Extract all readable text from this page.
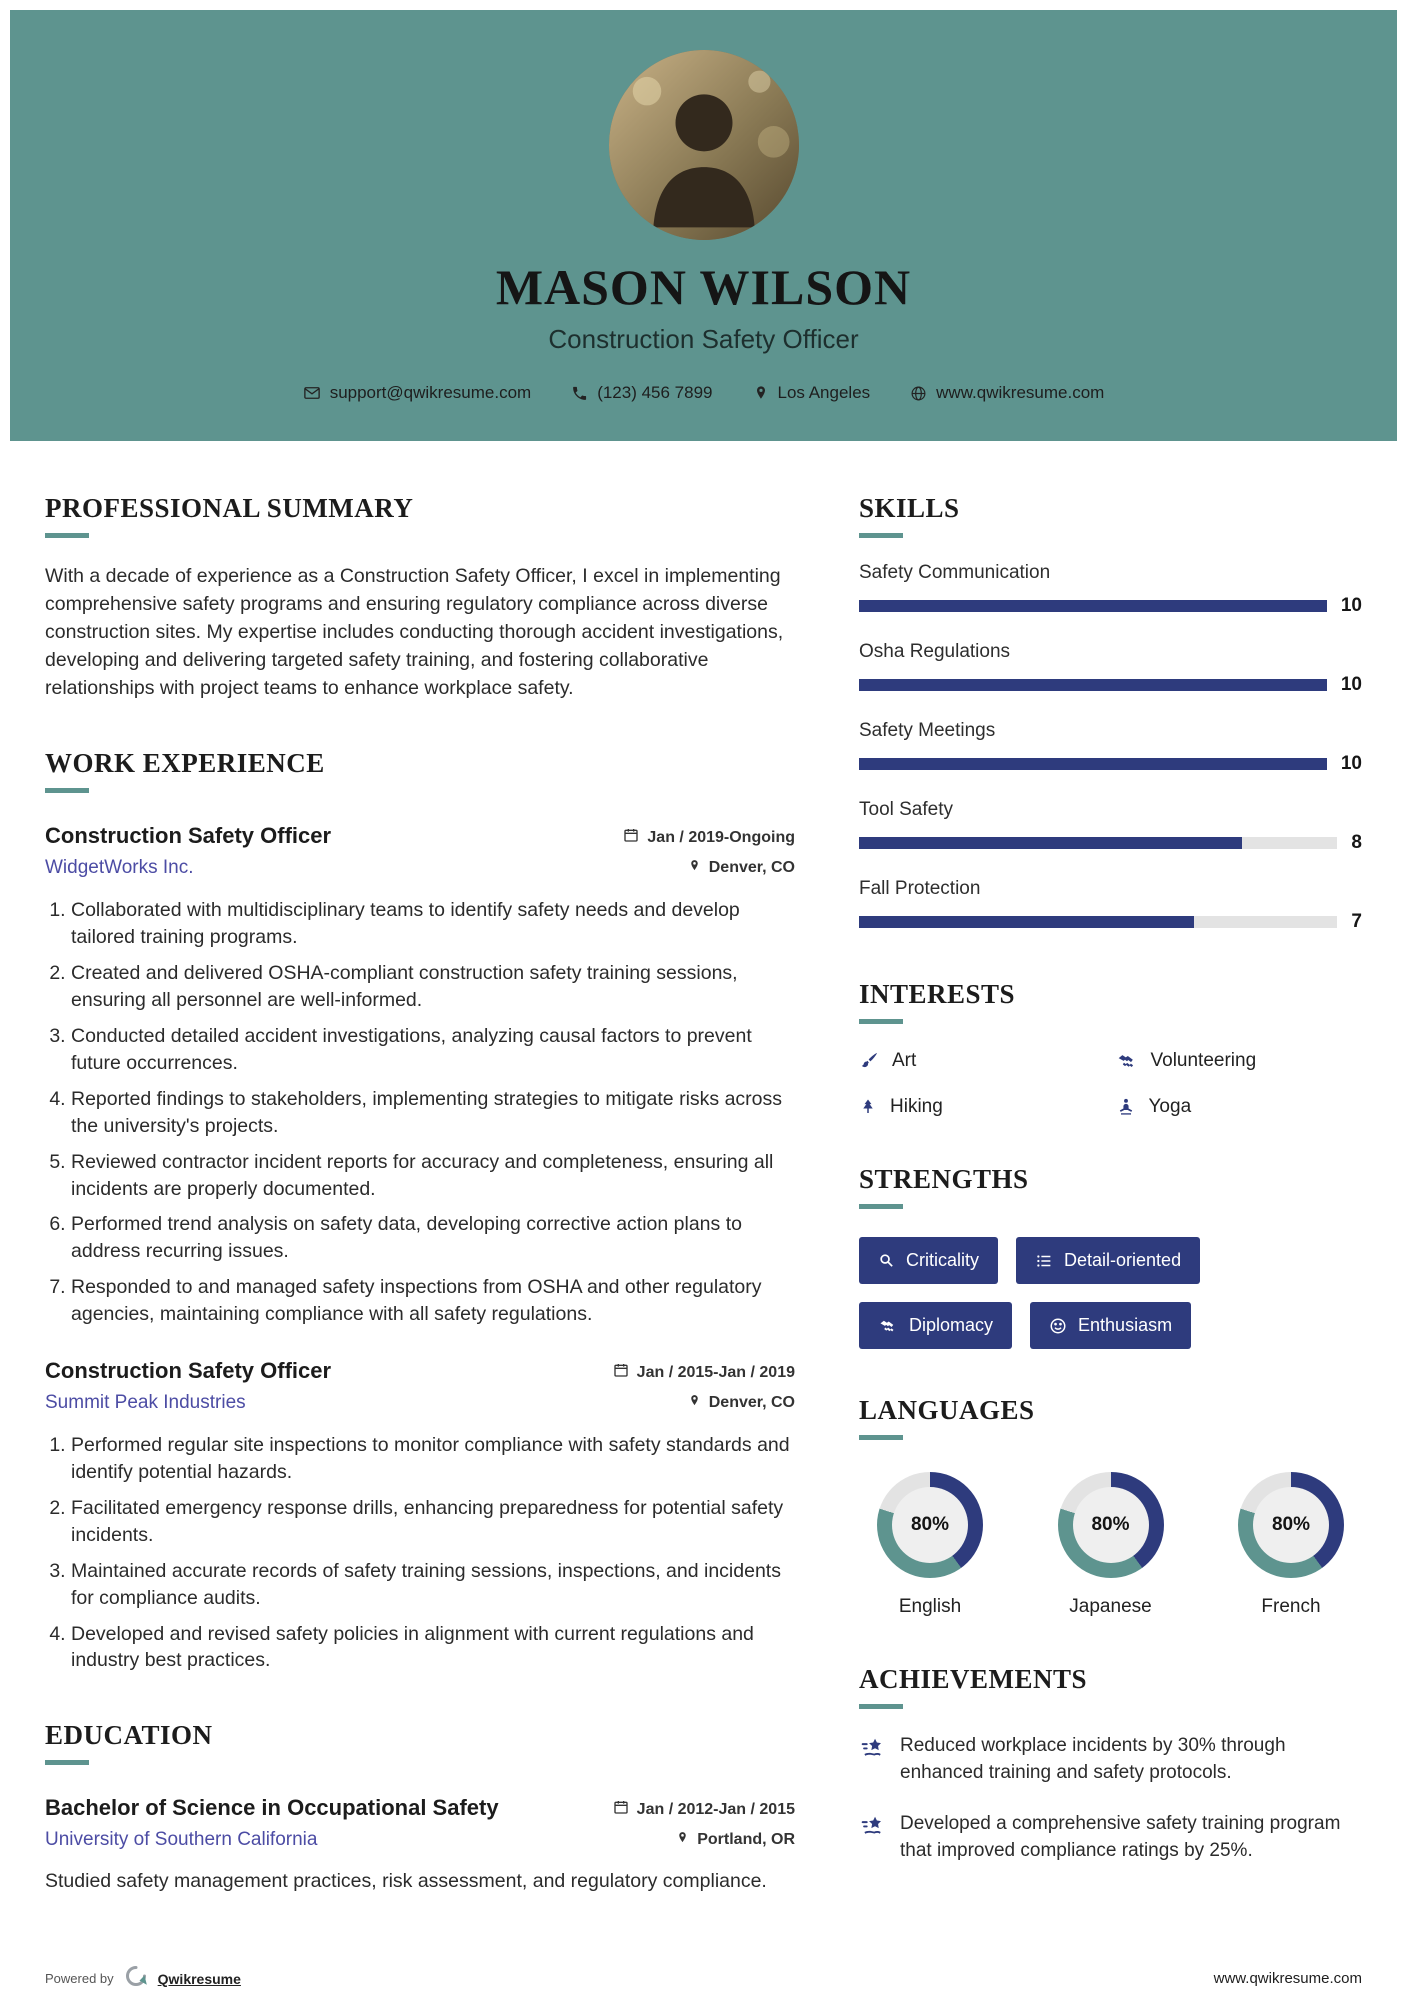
MASON WILSON
Construction Safety Officer
support@qwikresume.com	(123) 456 7899	Los Angeles	www.qwikresume.com
PROFESSIONAL SUMMARY

With a decade of experience as a Construction Safety Officer, I excel in implementing comprehensive safety programs and ensuring regulatory compliance across diverse construction sites. My expertise includes conducting thorough accident investigations, developing and delivering targeted safety training, and fostering collaborative relationships with project teams to enhance workplace safety.

WORK EXPERIENCE
Construction Safety Officer	Jan / 2019-Ongoing
WidgetWorks Inc.	Denver, CO
1. Collaborated with multidisciplinary teams to identify safety needs and develop tailored training programs.
2. Created and delivered OSHA-compliant construction safety training sessions, ensuring all personnel are well-informed.
3. Conducted detailed accident investigations, analyzing causal factors to prevent future occurrences.
4. Reported findings to stakeholders, implementing strategies to mitigate risks across the university's projects.
5. Reviewed contractor incident reports for accuracy and completeness, ensuring all incidents are properly documented.
6. Performed trend analysis on safety data, developing corrective action plans to address recurring issues.
7. Responded to and managed safety inspections from OSHA and other regulatory agencies, maintaining compliance with all safety regulations.
Construction Safety Officer	Jan / 2015-Jan / 2019
Summit Peak Industries	Denver, CO
1. Performed regular site inspections to monitor compliance with safety standards and identify potential hazards.
2. Facilitated emergency response drills, enhancing preparedness for potential safety incidents.
3. Maintained accurate records of safety training sessions, inspections, and incidents for compliance audits.
4. Developed and revised safety policies in alignment with current regulations and industry best practices.
EDUCATION
Bachelor of Science in Occupational Safety	Jan / 2012-Jan / 2015
University of Southern California	Portland, OR

Studied safety management practices, risk assessment, and regulatory compliance.

SKILLS
Safety Communication
10
Osha Regulations
10
Safety Meetings
10
Tool Safety
8
Fall Protection
7
INTERESTS
Art	Volunteering
Hiking	Yoga
STRENGTHS
Criticality	Detail-oriented
Diplomacy	Enthusiasm
LANGUAGES
80%
English
80%
Japanese
80%
French
ACHIEVEMENTS
Reduced workplace incidents by 30% through enhanced training and safety protocols.
Developed a comprehensive safety training program that improved compliance ratings by 25%.
Powered by	Qwikresume	www.qwikresume.com
